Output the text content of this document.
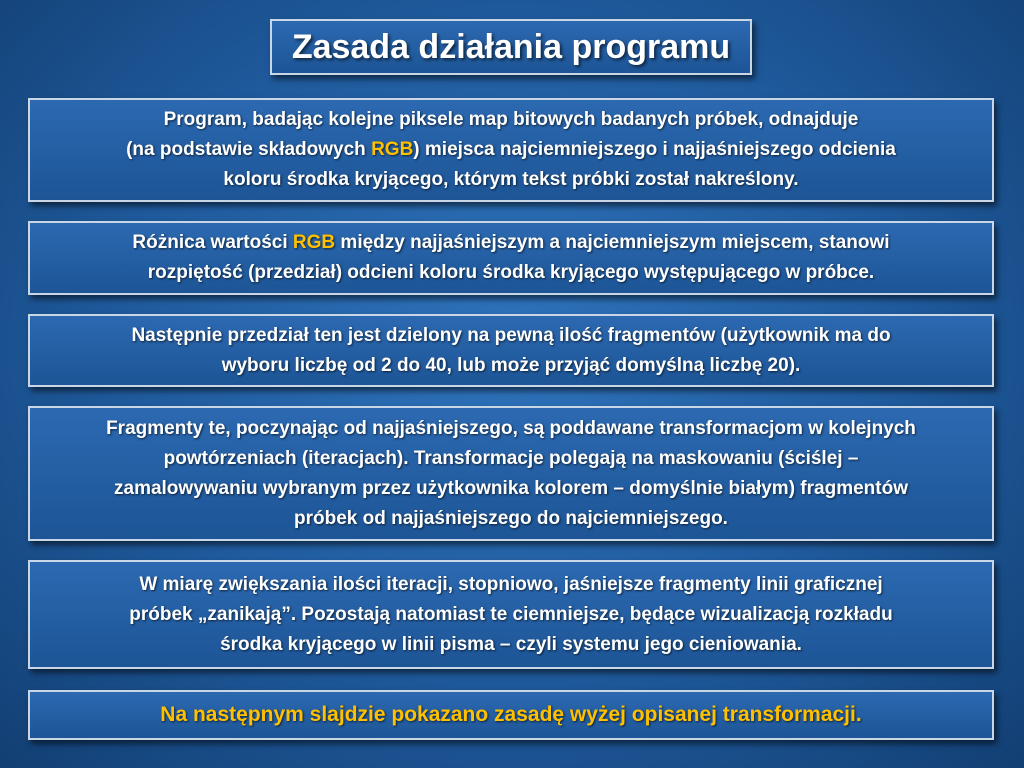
Zasada działania programu

Program, badając kolejne piksele map bitowych badanych próbek, odnajduje
(na podstawie składowych RGB) miejsca najciemniejszego i najjaśniejszego odcienia
koloru środka kryjącego, którym tekst próbki został nakreślony.

Różnica wartości RGB między najjaśniejszym a najciemniejszym miejscem, stanowi
rozpiętość (przedział) odcieni koloru środka kryjącego występującego w próbce.

Następnie przedział ten jest dzielony na pewną ilość fragmentów (użytkownik ma do
wyboru liczbę od 2 do 40, lub może przyjąć domyślną liczbę 20).

Fragmenty te, poczynając od najjaśniejszego, są poddawane transformacjom w kolejnych
powtórzeniach (iteracjach). Transformacje polegają na maskowaniu (ściślej –
zamalowywaniu wybranym przez użytkownika kolorem – domyślnie białym) fragmentów
próbek od najjaśniejszego do najciemniejszego.

W miarę zwiększania ilości iteracji, stopniowo, jaśniejsze fragmenty linii graficznej
próbek „zanikają”. Pozostają natomiast te ciemniejsze, będące wizualizacją rozkładu
środka kryjącego w linii pisma – czyli systemu jego cieniowania.

Na następnym slajdzie pokazano zasadę wyżej opisanej transformacji.
